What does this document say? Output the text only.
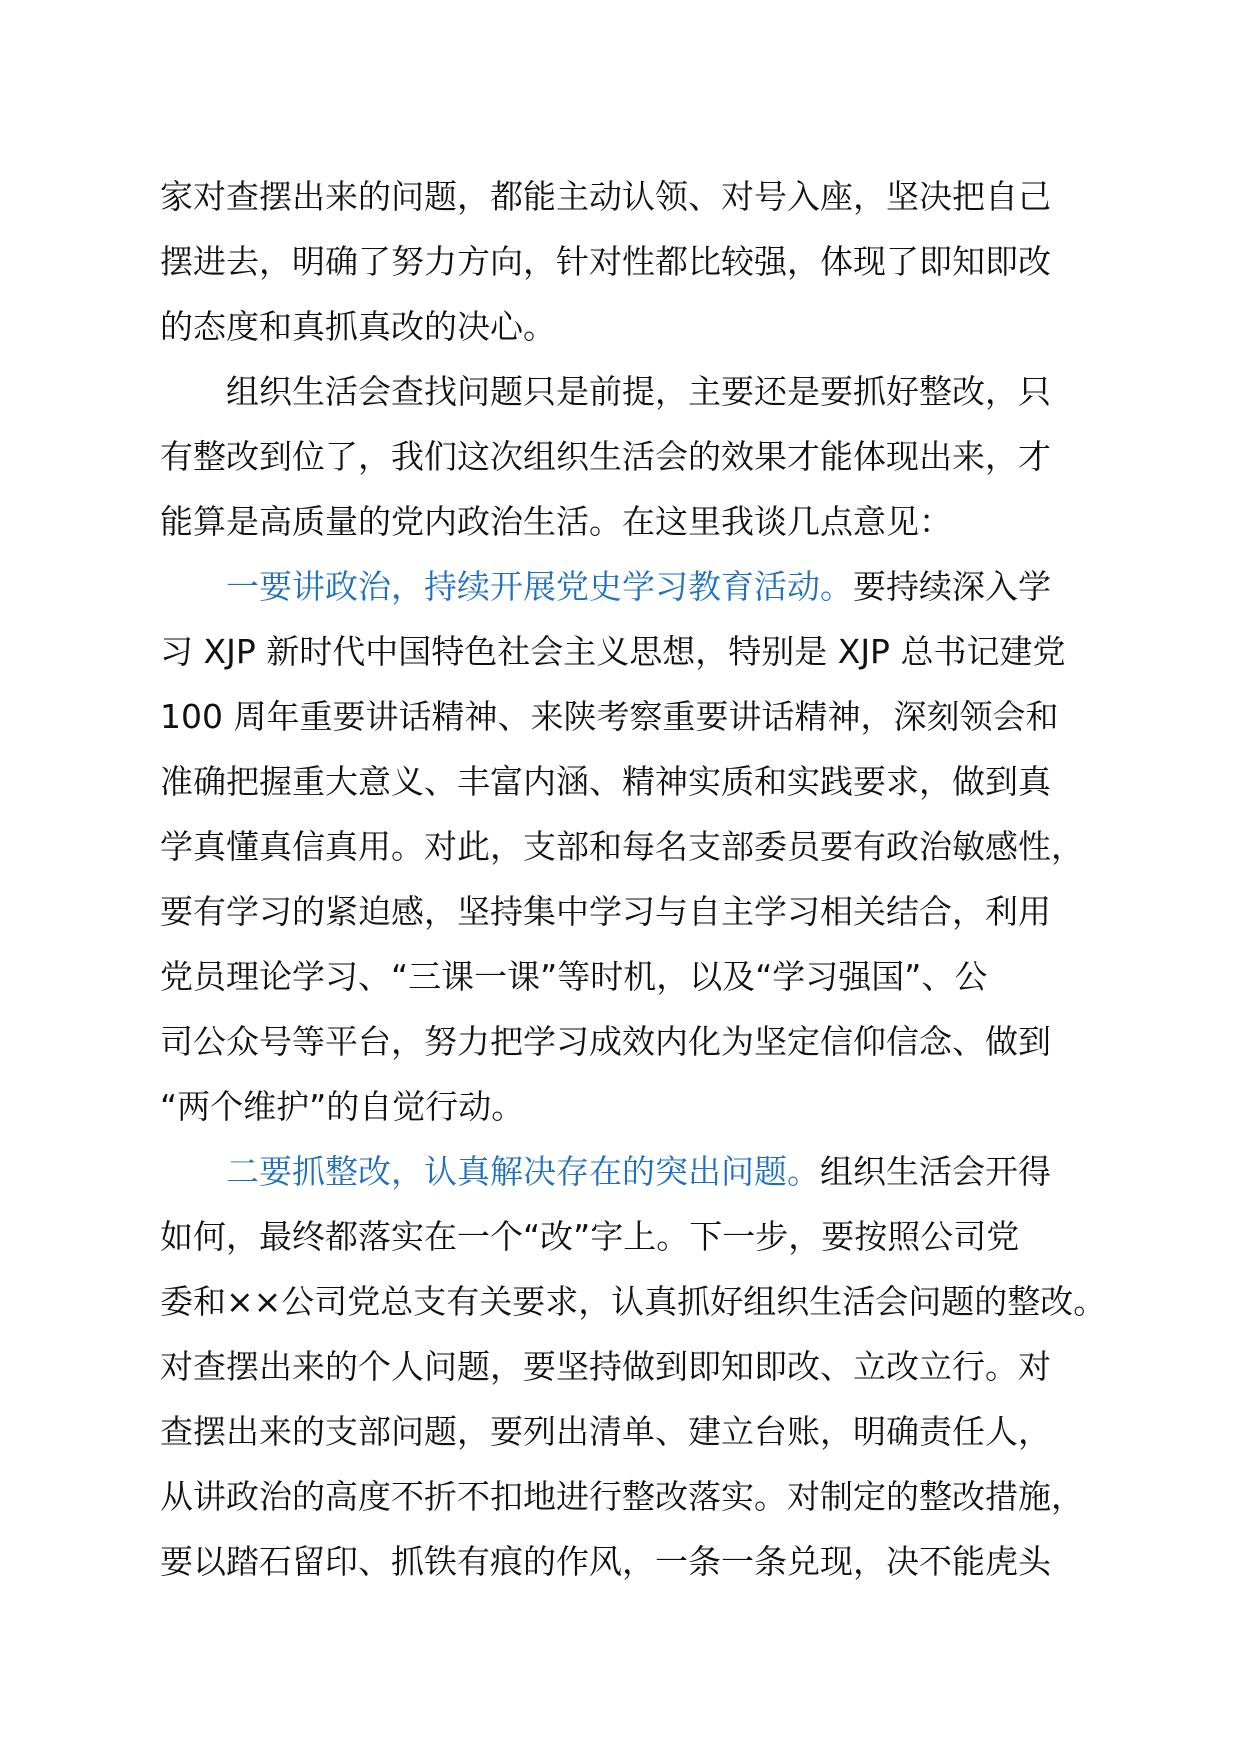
家对查摆出来的问题，都能主动认领、对号入座，坚决把自己
摆进去，明确了努力方向，针对性都比较强，体现了即知即改
的态度和真抓真改的决心。

组织生活会查找问题只是前提，主要还是要抓好整改，只
有整改到位了，我们这次组织生活会的效果才能体现出来，才
能算是高质量的党内政治生活。在这里我谈几点意见：

一要讲政治，持续开展党史学习教育活动。要持续深入学
习 XJP 新时代中国特色社会主义思想，特别是 XJP 总书记建党
100 周年重要讲话精神、来陕考察重要讲话精神，深刻领会和
准确把握重大意义、丰富内涵、精神实质和实践要求，做到真
学真懂真信真用。对此，支部和每名支部委员要有政治敏感性，
要有学习的紧迫感，坚持集中学习与自主学习相关结合，利用
党员理论学习、“三课一课”等时机，以及“学习强国”、公
司公众号等平台，努力把学习成效内化为坚定信仰信念、做到
“两个维护”的自觉行动。

二要抓整改，认真解决存在的突出问题。组织生活会开得
如何，最终都落实在一个“改”字上。下一步，要按照公司党
委和××公司党总支有关要求，认真抓好组织生活会问题的整改。
对查摆出来的个人问题，要坚持做到即知即改、立改立行。对
查摆出来的支部问题，要列出清单、建立台账，明确责任人，
从讲政治的高度不折不扣地进行整改落实。对制定的整改措施，
要以踏石留印、抓铁有痕的作风，一条一条兑现，决不能虎头
